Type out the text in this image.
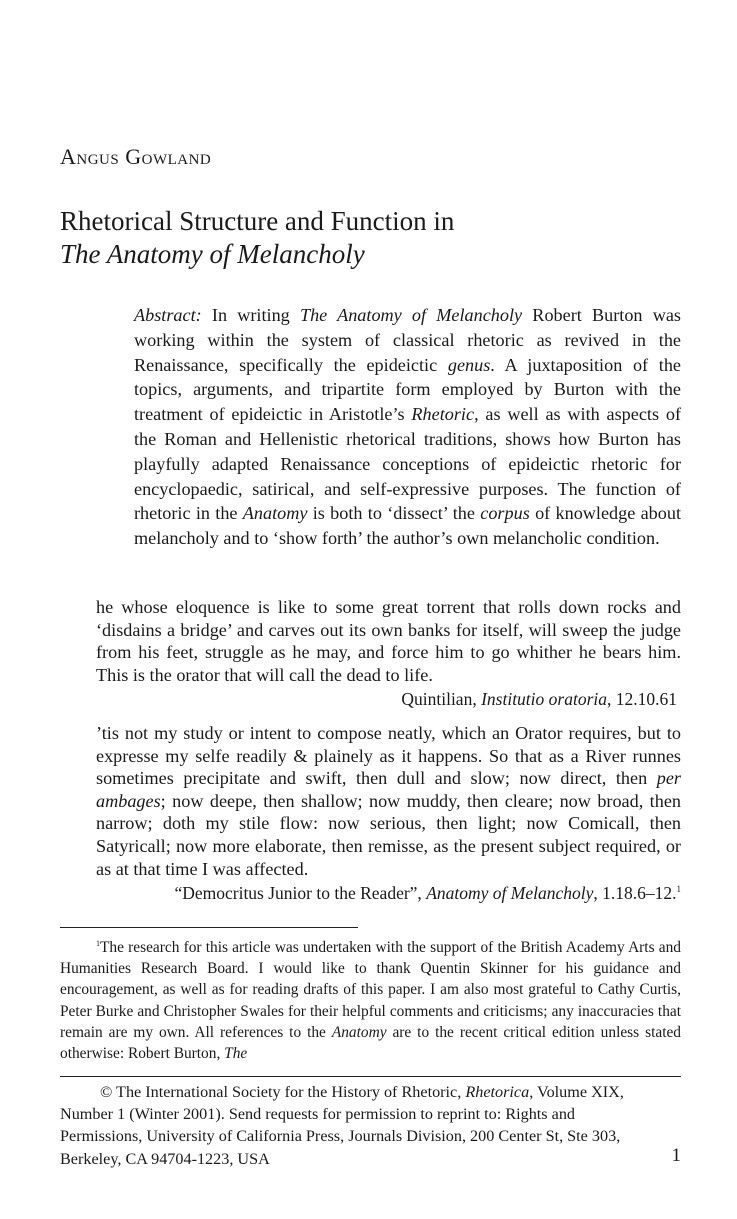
Angus Gowland
Rhetorical Structure and Function in
The Anatomy of Melancholy
Abstract: In writing The Anatomy of Melancholy Robert Burton was working within the system of classical rhetoric as revived in the Renaissance, specifically the epideictic genus. A juxtaposition of the topics, arguments, and tripartite form employed by Burton with the treatment of epideictic in Aristotle’s Rhetoric, as well as with aspects of the Roman and Hellenistic rhetorical traditions, shows how Burton has playfully adapted Renaissance conceptions of epideictic rhetoric for encyclopaedic, satirical, and self-expressive purposes. The function of rhetoric in the Anatomy is both to ‘dissect’ the corpus of knowledge about melancholy and to ‘show forth’ the author’s own melancholic condition.
he whose eloquence is like to some great torrent that rolls down rocks and ‘disdains a bridge’ and carves out its own banks for itself, will sweep the judge from his feet, struggle as he may, and force him to go whither he bears him. This is the orator that will call the dead to life.
Quintilian, Institutio oratoria, 12.10.61
’tis not my study or intent to compose neatly, which an Orator requires, but to expresse my selfe readily & plainely as it happens. So that as a River runnes sometimes precipitate and swift, then dull and slow; now direct, then per ambages; now deepe, then shallow; now muddy, then cleare; now broad, then narrow; doth my stile flow: now serious, then light; now Comicall, then Satyricall; now more elaborate, then remisse, as the present subject required, or as at that time I was affected.
“Democritus Junior to the Reader”, Anatomy of Melancholy, 1.18.6–12.$^1$
$^1$The research for this article was undertaken with the support of the British Academy Arts and Humanities Research Board. I would like to thank Quentin Skinner for his guidance and encouragement, as well as for reading drafts of this paper. I am also most grateful to Cathy Curtis, Peter Burke and Christopher Swales for their helpful comments and criticisms; any inaccuracies that remain are my own. All references to the Anatomy are to the recent critical edition unless stated otherwise: Robert Burton, The
© The International Society for the History of Rhetoric, Rhetorica, Volume XIX, Number 1 (Winter 2001). Send requests for permission to reprint to: Rights and Permissions, University of California Press, Journals Division, 200 Center St, Ste 303, Berkeley, CA 94704-1223, USA	1
